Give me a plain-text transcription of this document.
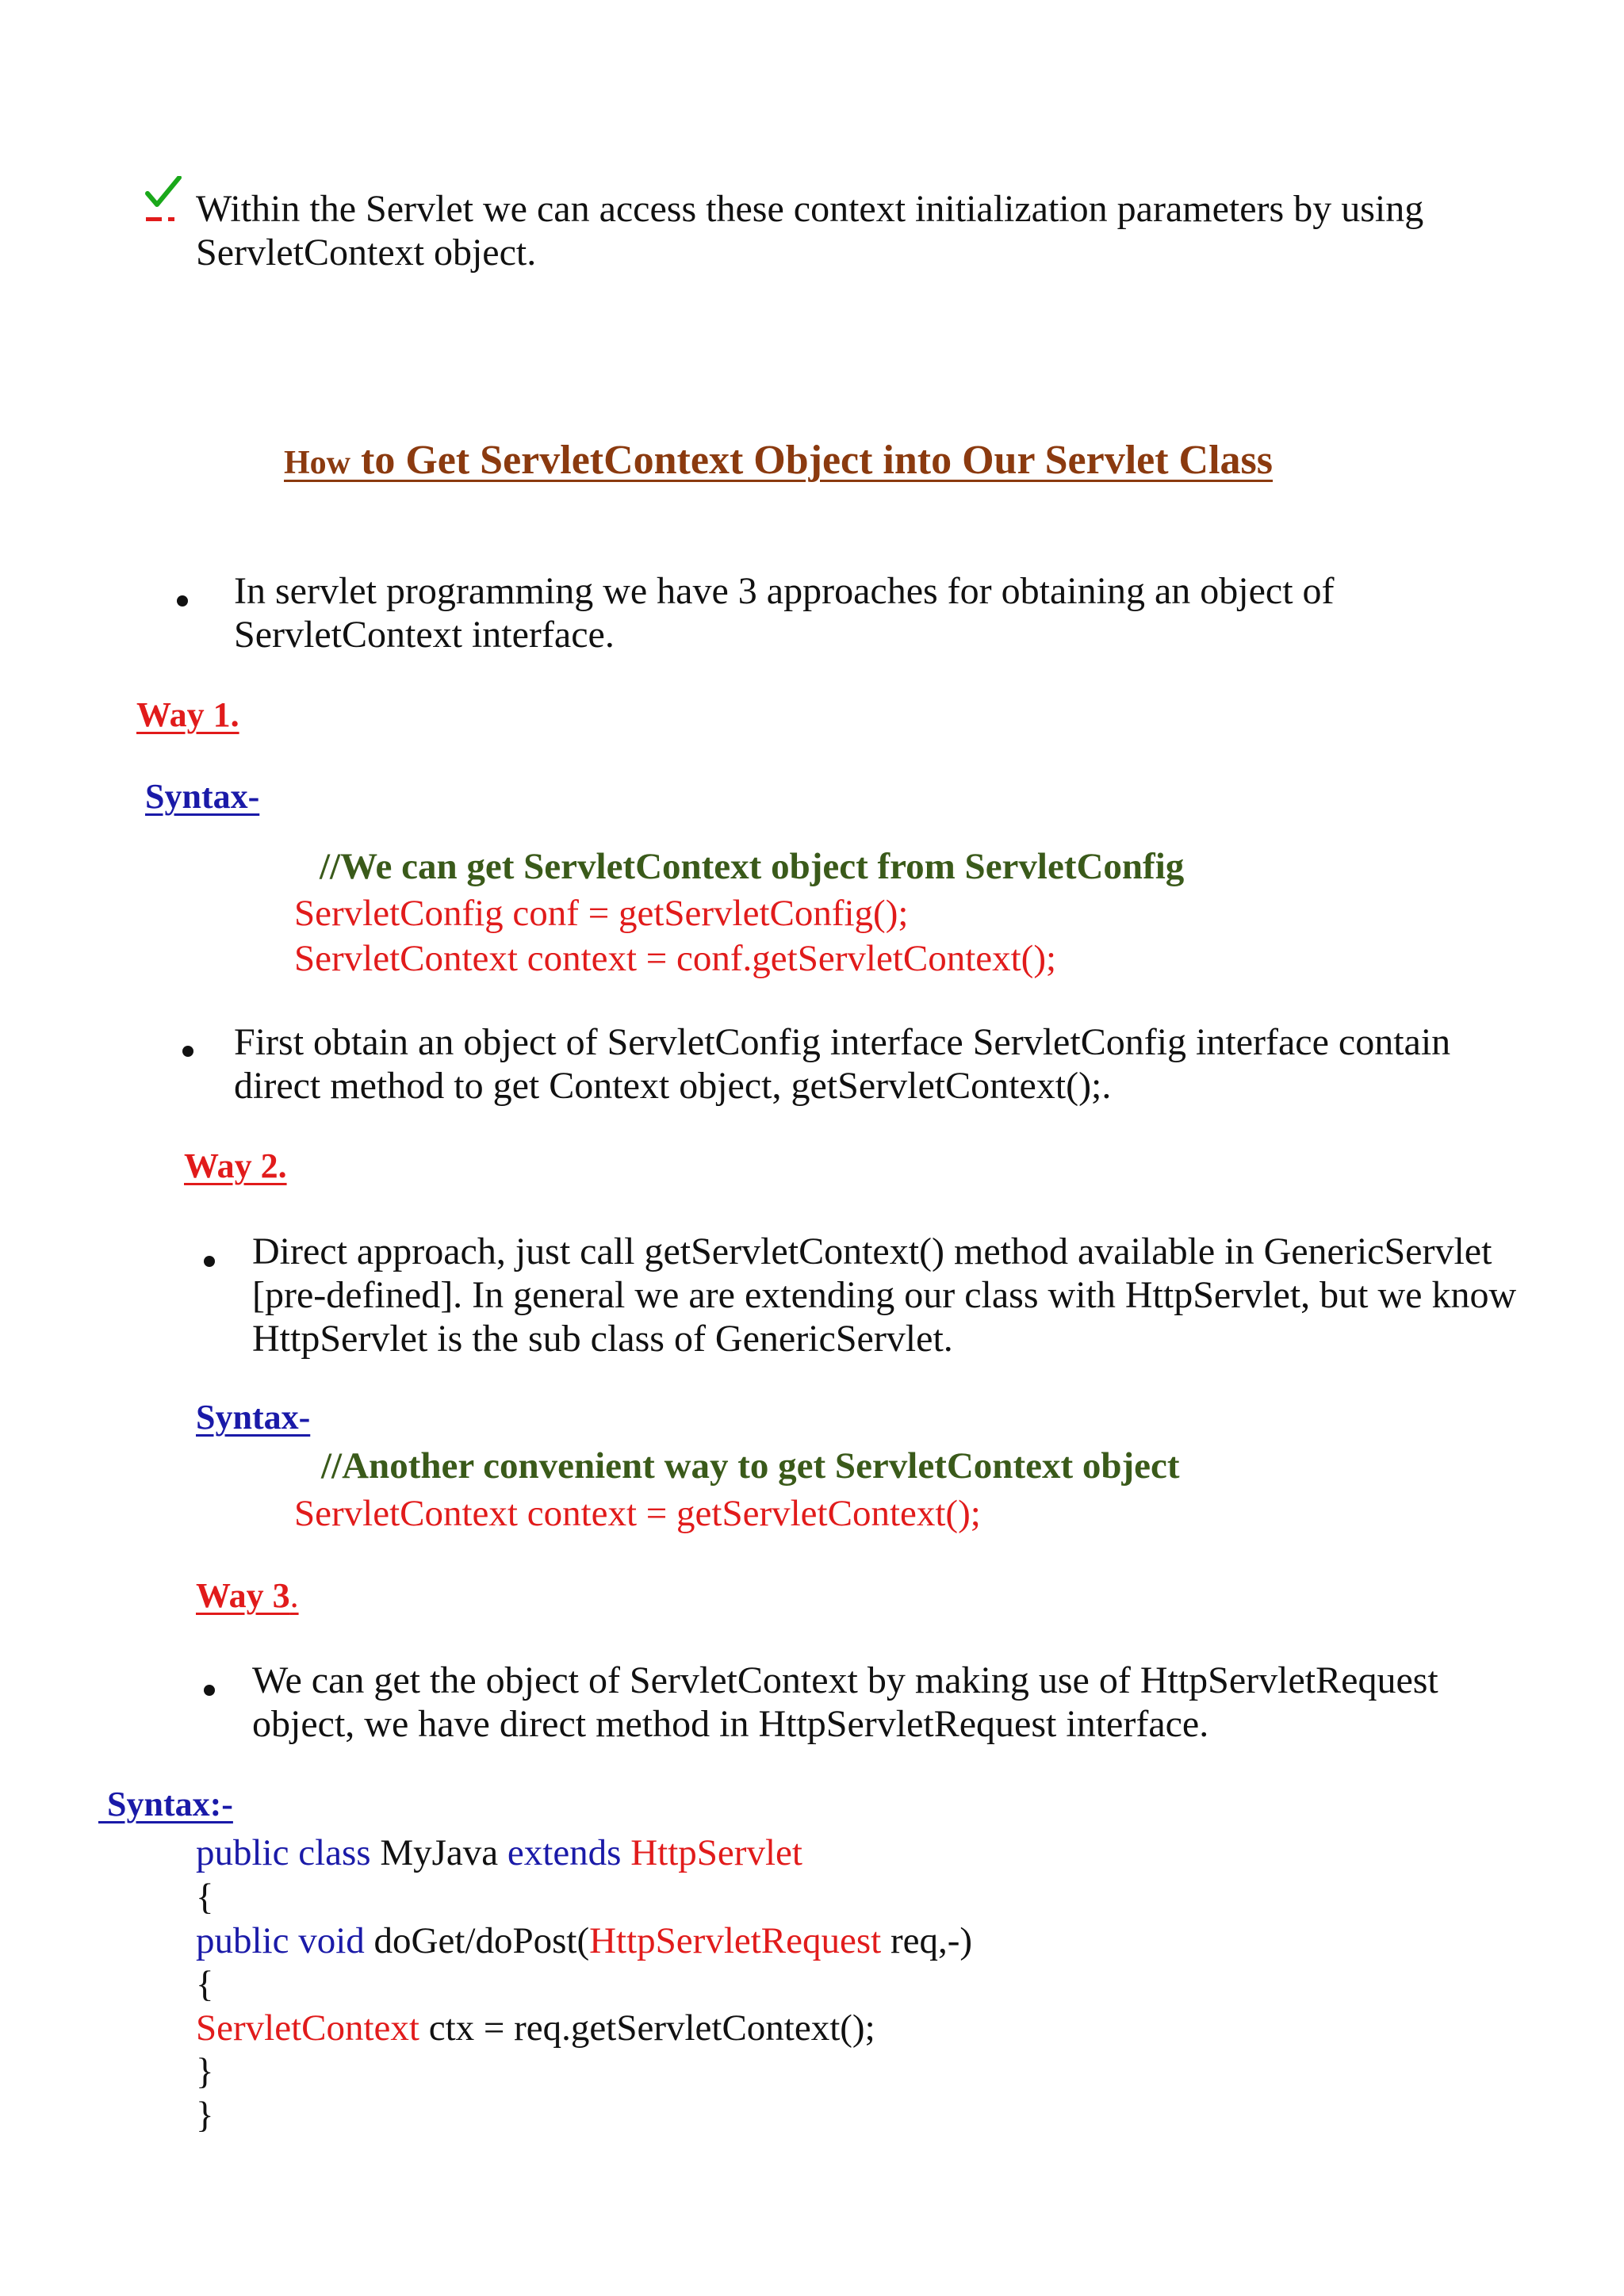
Within the Servlet we can access these context initialization parameters by using
ServletContext object.
How to Get ServletContext Object into Our Servlet Class
In servlet programming we have 3 approaches for obtaining an object of
ServletContext interface.
Way 1.
Syntax-
//We can get ServletContext object from ServletConfig
ServletConfig conf = getServletConfig();
ServletContext context = conf.getServletContext();
First obtain an object of ServletConfig interface ServletConfig interface contain
direct method to get Context object, getServletContext();.
Way 2.
Direct approach, just call getServletContext() method available in GenericServlet
[pre-defined]. In general we are extending our class with HttpServlet, but we know
HttpServlet is the sub class of GenericServlet.
Syntax-
//Another convenient way to get ServletContext object
ServletContext context = getServletContext();
Way 3.
We can get the object of ServletContext by making use of HttpServletRequest
object, we have direct method in HttpServletRequest interface.
Syntax:-
public class MyJava extends HttpServlet
{
public void doGet/doPost(HttpServletRequest req,-)
{
ServletContext ctx = req.getServletContext();
}
}
